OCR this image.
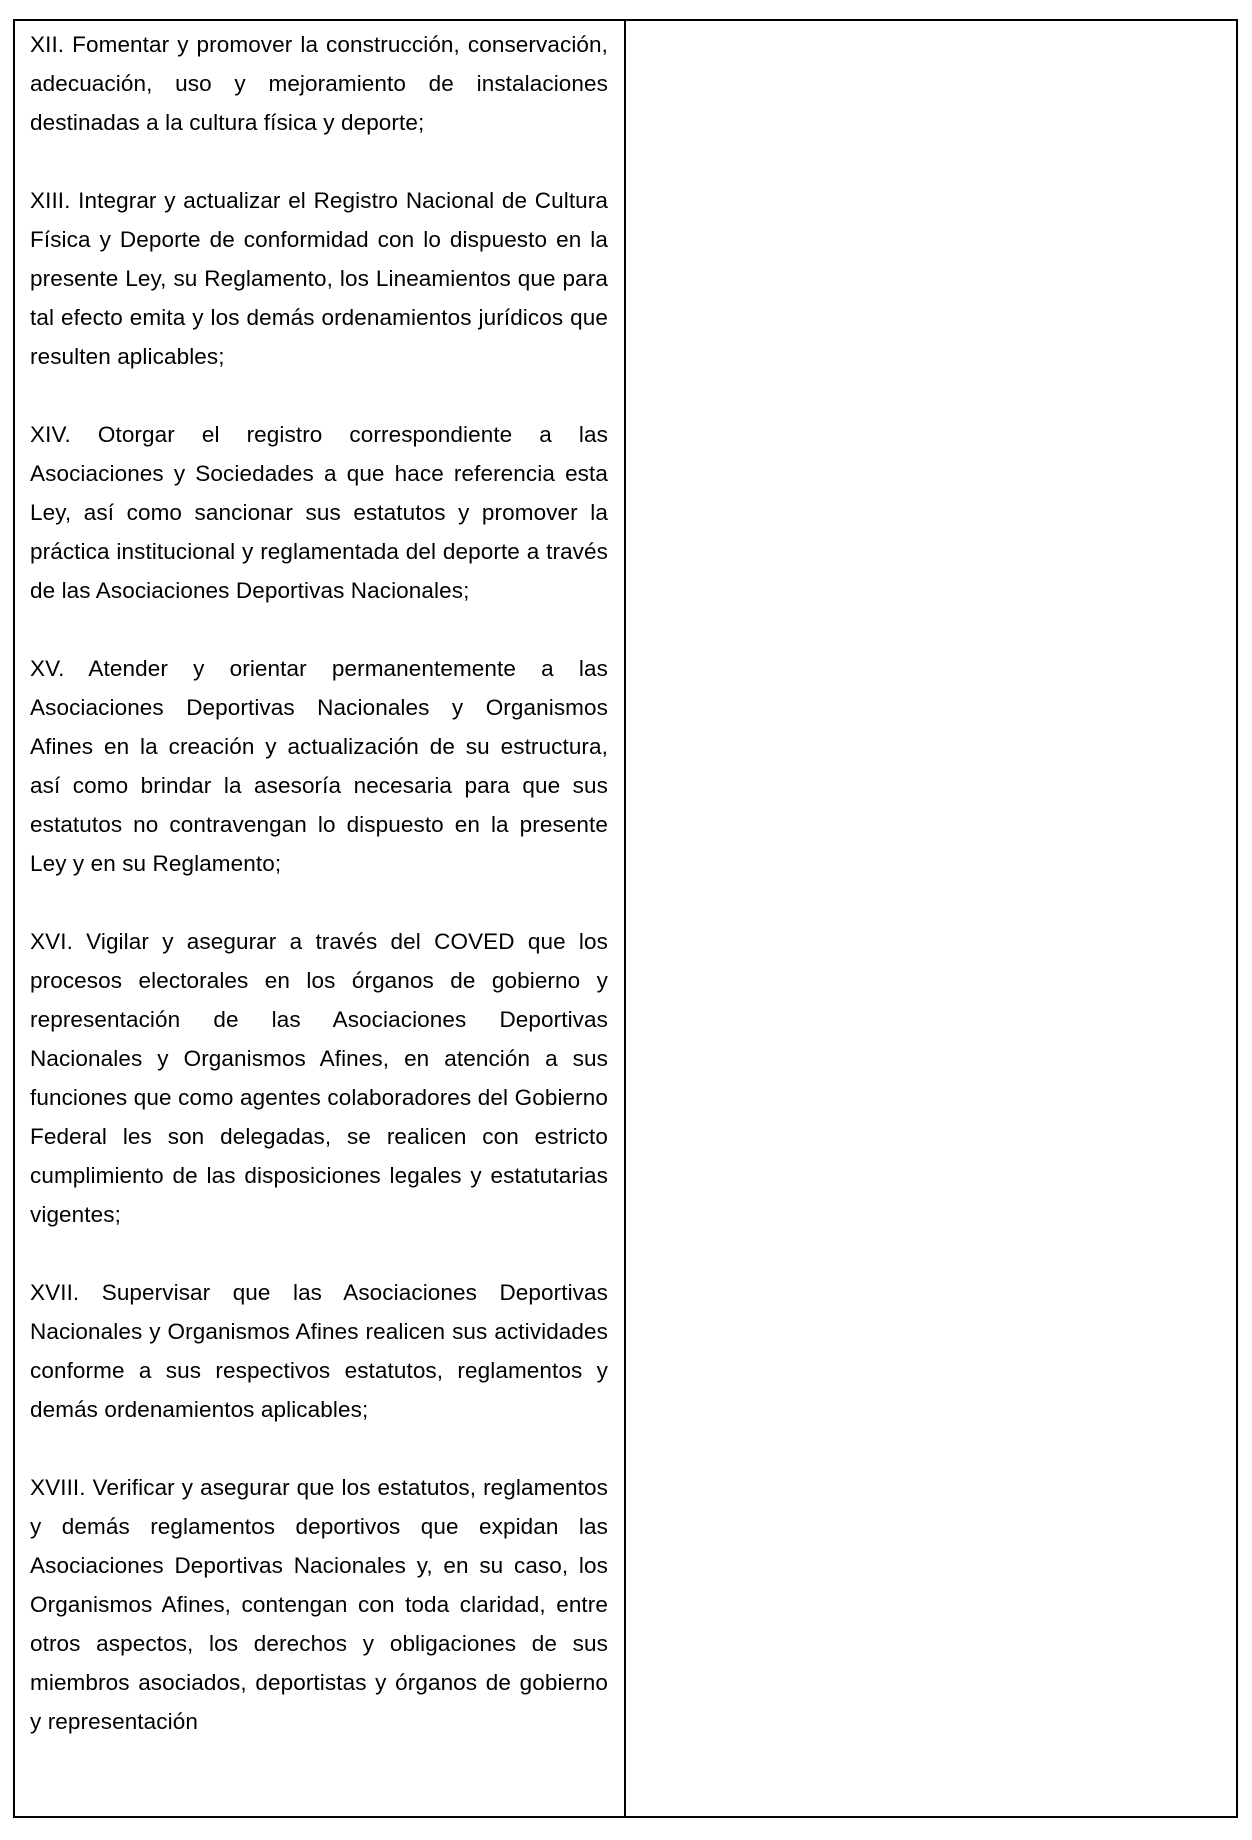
XII. Fomentar y promover la construcción, conservación, adecuación, uso y mejoramiento de instalaciones destinadas a la cultura física y deporte;

XIII. Integrar y actualizar el Registro Nacional de Cultura Física y Deporte de conformidad con lo dispuesto en la presente Ley, su Reglamento, los Lineamientos que para tal efecto emita y los demás ordenamientos jurídicos que resulten aplicables;

XIV. Otorgar el registro correspondiente a las Asociaciones y Sociedades a que hace referencia esta Ley, así como sancionar sus estatutos y promover la práctica institucional y reglamentada del deporte a través de las Asociaciones Deportivas Nacionales;

XV. Atender y orientar permanentemente a las Asociaciones Deportivas Nacionales y Organismos Afines en la creación y actualización de su estructura, así como brindar la asesoría necesaria para que sus estatutos no contravengan lo dispuesto en la presente Ley y en su Reglamento;

XVI. Vigilar y asegurar a través del COVED que los procesos electorales en los órganos de gobierno y representación de las Asociaciones Deportivas Nacionales y Organismos Afines, en atención a sus funciones que como agentes colaboradores del Gobierno Federal les son delegadas, se realicen con estricto cumplimiento de las disposiciones legales y estatutarias vigentes;

XVII. Supervisar que las Asociaciones Deportivas Nacionales y Organismos Afines realicen sus actividades conforme a sus respectivos estatutos, reglamentos y demás ordenamientos aplicables;

XVIII. Verificar y asegurar que los estatutos, reglamentos y demás reglamentos deportivos que expidan las Asociaciones Deportivas Nacionales y, en su caso, los Organismos Afines, contengan con toda claridad, entre otros aspectos, los derechos y obligaciones de sus miembros asociados, deportistas y órganos de gobierno y representación
